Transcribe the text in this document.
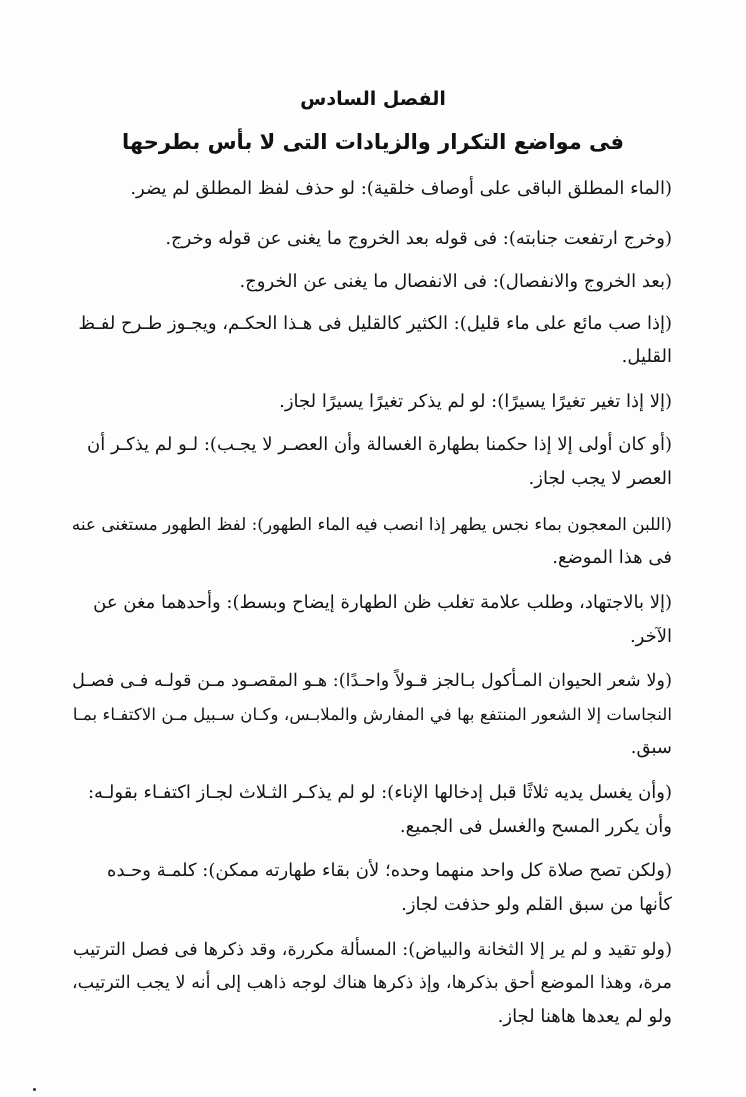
الفصل السادس
فى مواضع التكرار والزيادات التى لا بأس بطرحها
(الماء المطلق الباقى على أوصاف خلقية): لو حذف لفظ المطلق لم يضر.
(وخرج ارتفعت جنابته): فى قوله بعد الخروج ما يغنى عن قوله وخرج.
(بعد الخروج والانفصال): فى الانفصال ما يغنى عن الخروج.
(إذا صب مائع على ماء قليل): الكثير كالقليل فى هـذا الحكـم، ويجـوز طـرح لفـظ
القليل.
(إلا إذا تغير تغيرًا يسيرًا): لو لم يذكر تغيرًا يسيرًا لجاز.
(أو كان أولى إلا إذا حكمنا بطهارة الغسالة وأن العصـر لا يجـب): لـو لم يذكـر أن
العصر لا يجب لجاز.
(اللبن المعجون بماء نجس يطهر إذا انصب فيه الماء الطهور): لفظ الطهور مستغنى عنه
فى هذا الموضع.
(إلا بالاجتهاد، وطلب علامة تغلب ظن الطهارة إيضاح وبسط): وأحدهما مغن عن
الآخر.
(ولا شعر الحيوان المـأكول بـالجز قـولاً واحـدًا): هـو المقصـود مـن قولـه فـى فصـل
النجاسات إلا الشعور المنتفع بها في المفارش والملابـس، وكـان سـبيل مـن الاكتفـاء بمـا
سبق.
(وأن يغسل يديه ثلاثًا قبل إدخالها الإناء): لو لم يذكـر الثـلاث لجـاز اكتفـاء بقولـه:
وأن يكرر المسح والغسل فى الجميع.
(ولكن تصح صلاة كل واحد منهما وحده؛ لأن بقاء طهارته ممكن): كلمـة وحـده
كأنها من سبق القلم ولو حذفت لجاز.
(ولو تقيد و لم ير إلا الثخانة والبياض): المسألة مكررة، وقد ذكرها فى فصل الترتيب
مرة، وهذا الموضع أحق بذكرها، وإذ ذكرها هناك لوجه ذاهب إلى أنه لا يجب الترتيب،
ولو لم يعدها هاهنا لجاز.
